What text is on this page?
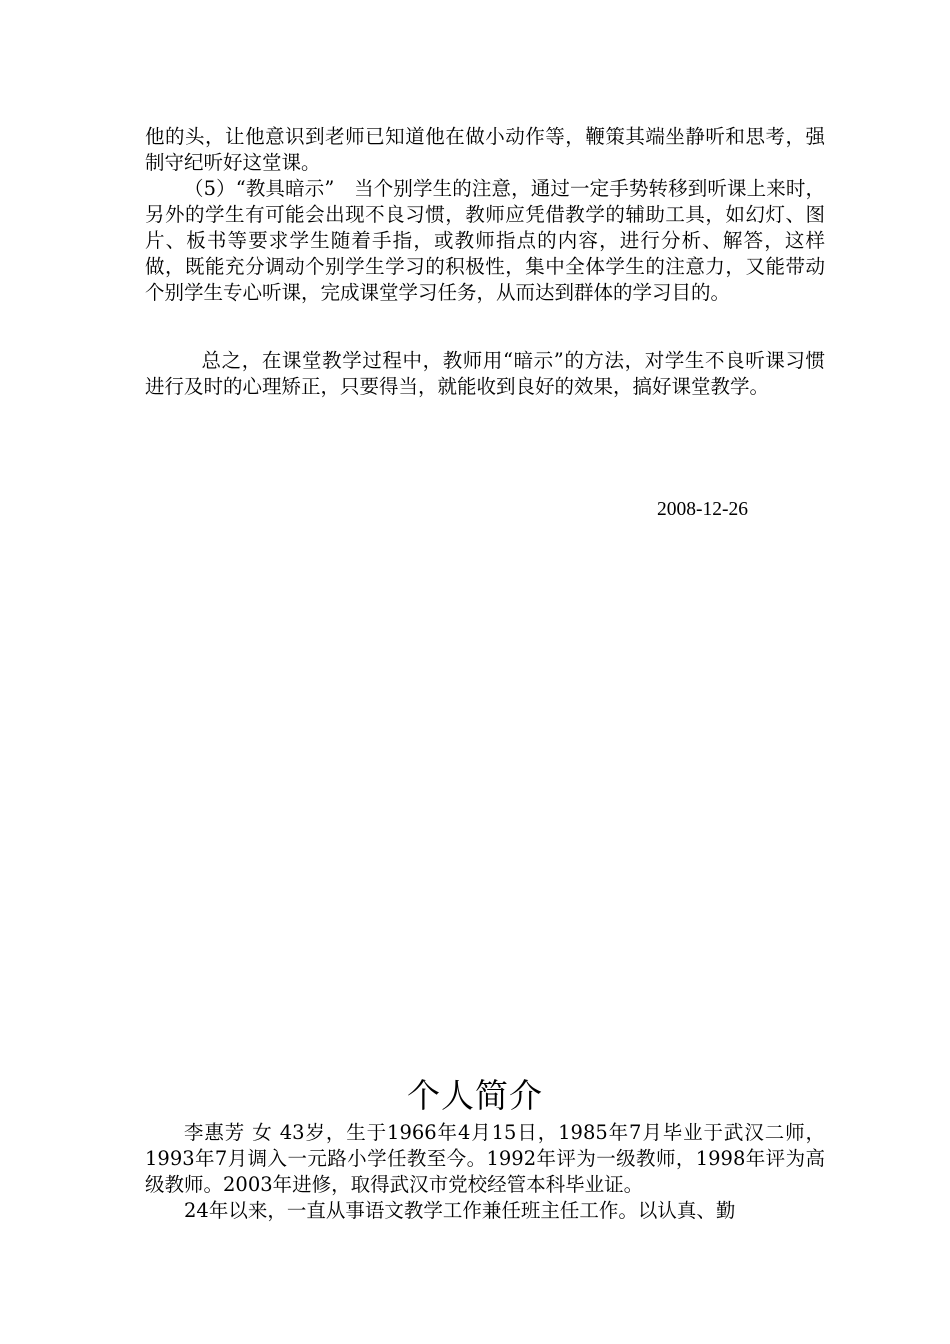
他的头，让他意识到老师已知道他在做小动作等，鞭策其端坐静听和思考，强制守纪听好这堂课。
（5）“教具暗示”　当个别学生的注意，通过一定手势转移到听课上来时，另外的学生有可能会出现不良习惯，教师应凭借教学的辅助工具，如幻灯、图片、板书等要求学生随着手指，或教师指点的内容，进行分析、解答，这样做，既能充分调动个别学生学习的积极性，集中全体学生的注意力，又能带动个别学生专心听课，完成课堂学习任务，从而达到群体的学习目的。
总之，在课堂教学过程中，教师用“暗示”的方法，对学生不良听课习惯进行及时的心理矫正，只要得当，就能收到良好的效果，搞好课堂教学。
2008-12-26
个人简介
李惠芳 女 43岁，生于1966年4月15日，1985年7月毕业于武汉二师，1993年7月调入一元路小学任教至今。1992年评为一级教师，1998年评为高级教师。2003年进修，取得武汉市党校经管本科毕业证。
24年以来，一直从事语文教学工作兼任班主任工作。以认真、勤
